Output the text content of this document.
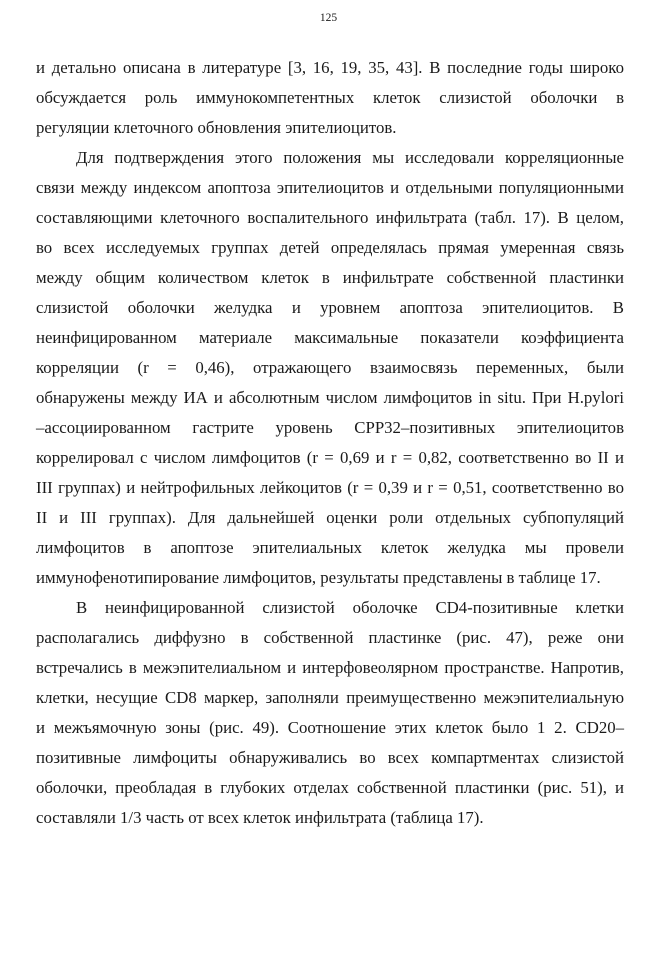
125
и детально описана в литературе [3, 16, 19, 35, 43]. В последние годы широко
обсуждается роль иммунокомпетентных клеток слизистой оболочки в
регуляции клеточного обновления эпителиоцитов.
Для подтверждения этого положения мы исследовали корреляционные
связи между индексом апоптоза эпителиоцитов и отдельными популяционными
составляющими клеточного воспалительного инфильтрата (табл. 17). В целом,
во всех исследуемых группах детей определялась прямая умеренная связь
между общим количеством клеток в инфильтрате собственной пластинки
слизистой оболочки желудка и уровнем апоптоза эпителиоцитов. В
неинфицированном материале максимальные показатели коэффициента
корреляции (r = 0,46), отражающего взаимосвязь переменных, были
обнаружены между ИА и абсолютным числом лимфоцитов in situ. При H.pylori
–ассоциированном гастрите уровень CPP32–позитивных эпителиоцитов
коррелировал с числом лимфоцитов (r = 0,69 и r = 0,82, соответственно во II и
III группах) и нейтрофильных лейкоцитов (r = 0,39 и r = 0,51, соответственно во
II и III группах). Для дальнейшей оценки роли отдельных субпопуляций
лимфоцитов в апоптозе эпителиальных клеток желудка мы провели
иммунофенотипирование лимфоцитов, результаты представлены в таблице 17.
В неинфицированной слизистой оболочке CD4-позитивные клетки
располагались диффузно в собственной пластинке (рис. 47), реже они
встречались в межэпителиальном и интерфовеолярном пространстве. Напротив,
клетки, несущие CD8 маркер, заполняли преимущественно межэпителиальную
и межъямочную зоны (рис. 49). Соотношение этих клеток было 1 2. CD20–
позитивные лимфоциты обнаруживались во всех компартментах слизистой
оболочки, преобладая в глубоких отделах собственной пластинки (рис. 51), и
составляли 1/3 часть от всех клеток инфильтрата (таблица 17).
